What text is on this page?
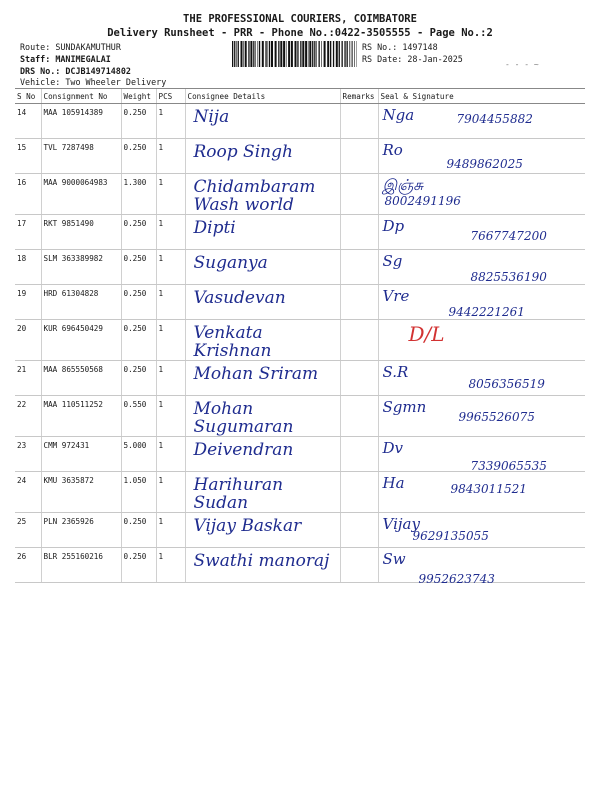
THE PROFESSIONAL COURIERS, COIMBATORE
Delivery Runsheet - PRR - Phone No.:0422-3505555 - Page No.:2
Route: SUNDAKAMUTHUR
Staff: MANIMEGALAI
DRS No.: DCJB149714802
Vehicle: Two Wheeler Delivery
RS No.: 1497148
RS Date: 28-Jan-2025
- - - ~
S No	Consignment No	Weight	PCS	Consignee Details	Remarks	Seal & Signature
14	MAA 105914389	0.250	1	Nija		Nga 7904455882

15	TVL 7287498	0.250	1	Roop Singh		Ro
9489862025

16	MAA 9000064983	1.300	1	Chidambaram Wash world		இஞ்சு
8002491196

17	RKT 9851490	0.250	1	Dipti		Dp
7667747200

18	SLM 363389982	0.250	1	Suganya		Sg
8825536190

19	HRD 61304828	0.250	1	Vasudevan		Vre
9442221261

20	KUR 696450429	0.250	1	Venkata Krishnan		D/L

21	MAA 865550568	0.250	1	Mohan Sriram		S.R
8056356519

22	MAA 110511252	0.550	1	Mohan Sugumaran		Sgmn
9965526075

23	CMM 972431	5.000	1	Deivendran		Dv
7339065535

24	KMU 3635872	1.050	1	Harihuran Sudan		Ha 9843011521

25	PLN 2365926	0.250	1	Vijay Baskar		Vijay
9629135055

26	BLR 255160216	0.250	1	Swathi manoraj		Sw
9952623743
